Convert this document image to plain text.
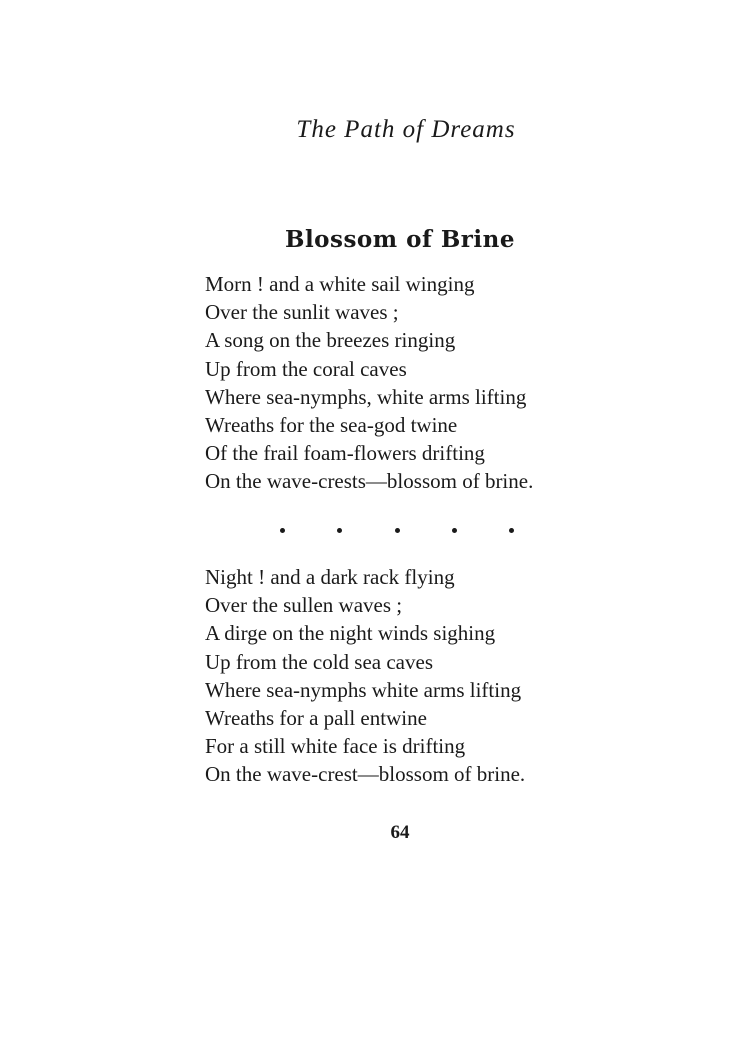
The Path of Dreams
Blossom of Brine
Morn ! and a white sail winging
Over the sunlit waves ;
A song on the breezes ringing
Up from the coral caves
Where sea-nymphs, white arms lifting
Wreaths for the sea-god twine
Of the frail foam-flowers drifting
On the wave-crests—blossom of brine.
Night ! and a dark rack flying
Over the sullen waves ;
A dirge on the night winds sighing
Up from the cold sea caves
Where sea-nymphs white arms lifting
Wreaths for a pall entwine
For a still white face is drifting
On the wave-crest—blossom of brine.
64
